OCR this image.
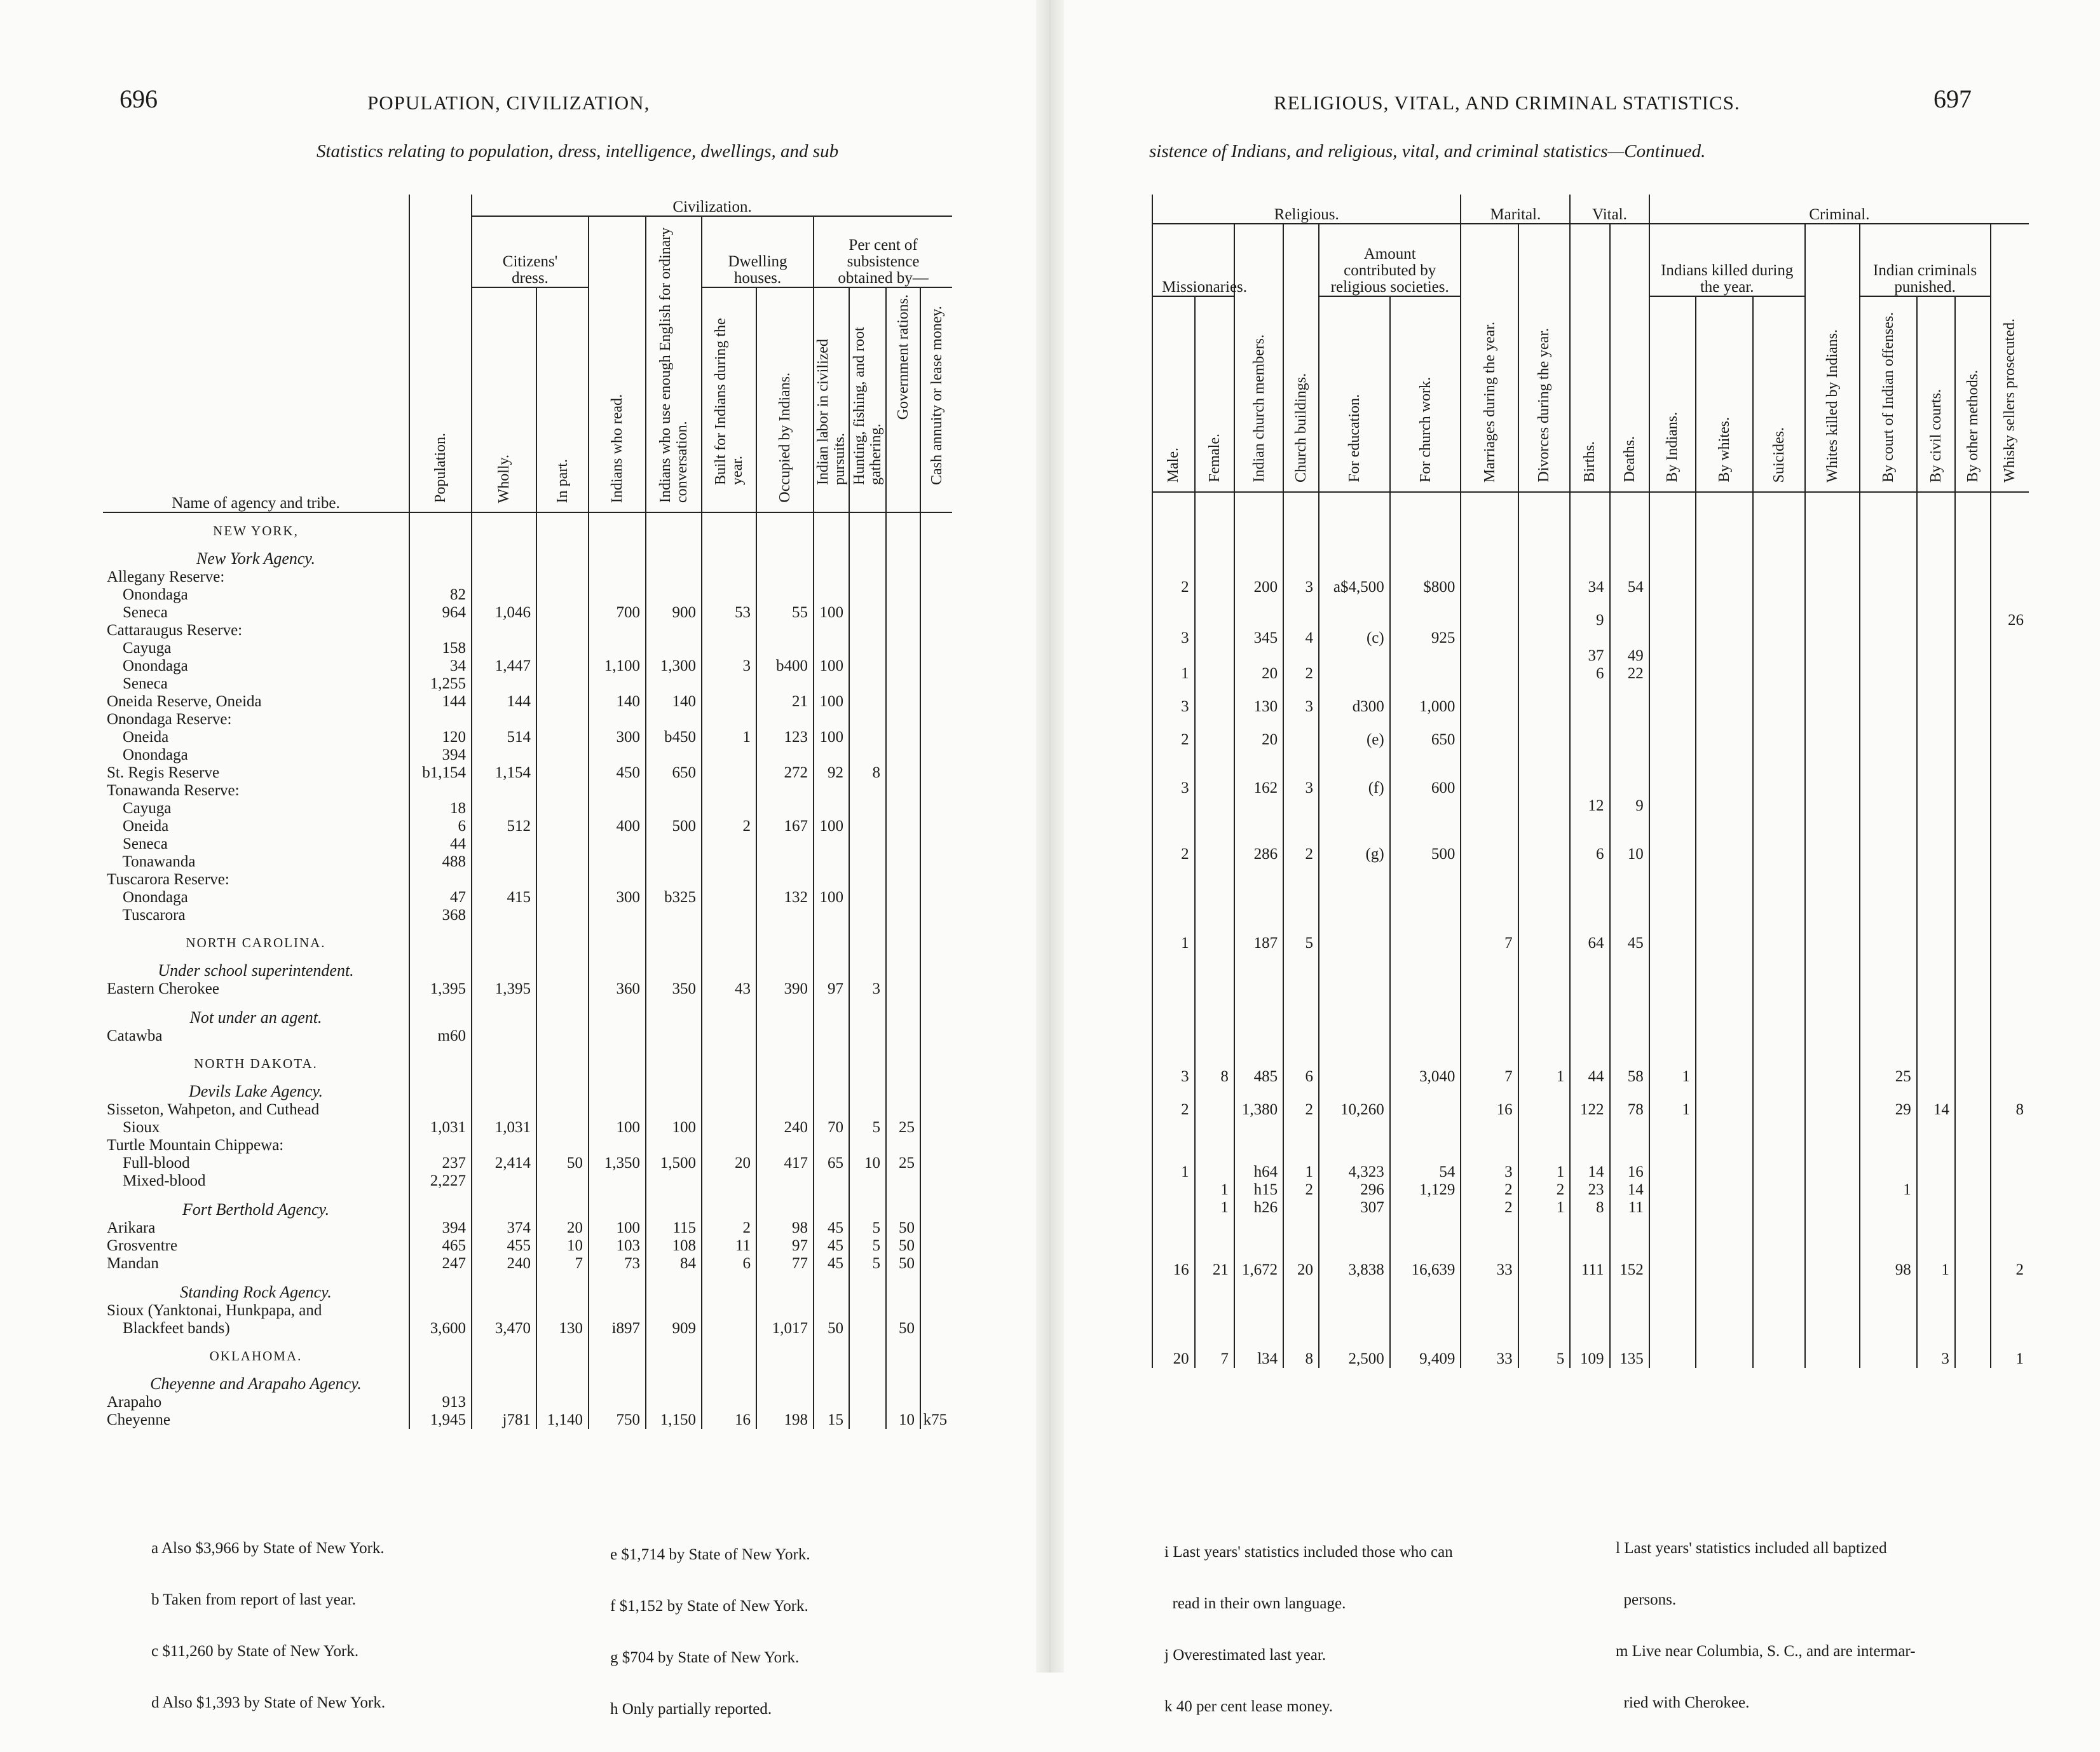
696	POPULATION, CIVILIZATION,
Statistics relating to population, dress, intelligence, dwellings, and sub
Name of agency and tribe.	Population.	Civilization.									
		Citizens' dress.		Indians who read.	Indians who use enough English for ordinary conversation.	Dwelling houses.		Per cent of subsistence obtained by—			

		Wholly.	In part.			Built for Indians during the year.	Occupied by Indians.	Indian labor in civilized pursuits.	Hunting, fishing, and root gathering.	Government rations.	Cash annuity or lease money.

NEW YORK,											
New York Agency.											
Allegany Reserve:											
Onondaga	82										
Seneca	964	1,046		700	900	53	55	100			
Cattaraugus Reserve:											
Cayuga	158										
Onondaga	34	1,447		1,100	1,300	3	b400	100			
Seneca	1,255										
Oneida Reserve, Oneida	144	144		140	140		21	100			
Onondaga Reserve:											
Oneida	120	514		300	b450	1	123	100			
Onondaga	394										
St. Regis Reserve	b1,154	1,154		450	650		272	92	8		
Tonawanda Reserve:											
Cayuga	18										
Oneida	6	512		400	500	2	167	100			
Seneca	44										
Tonawanda	488										
Tuscarora Reserve:											
Onondaga	47	415		300	b325		132	100			
Tuscarora	368										
NORTH CAROLINA.											
Under school superintendent.											
Eastern Cherokee	1,395	1,395		360	350	43	390	97	3		
Not under an agent.											
Catawba	m60										
NORTH DAKOTA.											
Devils Lake Agency.											
Sisseton, Wahpeton, and Cuthead											
Sioux	1,031	1,031		100	100		240	70	5	25	
Turtle Mountain Chippewa:											
Full-blood	237	2,414	50	1,350	1,500	20	417	65	10	25	
Mixed-blood	2,227										
Fort Berthold Agency.											
Arikara	394	374	20	100	115	2	98	45	5	50	
Grosventre	465	455	10	103	108	11	97	45	5	50	
Mandan	247	240	7	73	84	6	77	45	5	50	
Standing Rock Agency.											
Sioux (Yanktonai, Hunkpapa, and											
Blackfeet bands)	3,600	3,470	130	i897	909		1,017	50		50	
OKLAHOMA.											
Cheyenne and Arapaho Agency.											
Arapaho	913										
Cheyenne	1,945	j781	1,140	750	1,150	16	198	15		10	k75

a Also $3,966 by State of New York.

b Taken from report of last year.

c $11,260 by State of New York.

d Also $1,393 by State of New York.

e $1,714 by State of New York.

f $1,152 by State of New York.

g $704 by State of New York.

h Only partially reported.

RELIGIOUS, VITAL, AND CRIMINAL STATISTICS.	697
sistence of Indians, and religious, vital, and criminal statistics—Continued.
Religious.						Marital.		Vital.		Criminal.							
Missionaries.		Indian church members.	Church buildings.	Amount contributed by religious societies.		Marriages during the year.	Divorces during the year.	Births.	Deaths.	Indians killed during the year.			Whites killed by Indians.	Indian criminals punished.			Whisky sellers prosecuted.

Male.	Female.			For education.	For church work.					By Indians.	By whites.	Suicides.		By court of Indian offenses.	By civil courts.	By other methods.	

2		200	3	a$4,500	$800			34	54								

								9									26
3		345	4	(c)	925												
								37	49								
1		20	2					6	22								

3		130	3	d300	1,000												

2		20		(e)	650												

3		162	3	(f)	600												
								12	9								

2		286	2	(g)	500			6	10								

1		187	5			7		64	45								

3	8	485	6		3,040	7	1	44	58	1				25			

2		1,380	2	10,260		16		122	78	1				29	14		8

1		h64	1	4,323	54	3	1	14	16								
	1	h15	2	296	1,129	2	2	23	14					1			
	1	h26		307		2	1	8	11								

16	21	1,672	20	3,838	16,639	33		111	152					98	1		2

20	7	l34	8	2,500	9,409	33	5	109	135						3		1

i Last years' statistics included those who can

read in their own language.

j Overestimated last year.

k 40 per cent lease money.

l Last years' statistics included all baptized

persons.

m Live near Columbia, S. C., and are intermar-

ried with Cherokee.
